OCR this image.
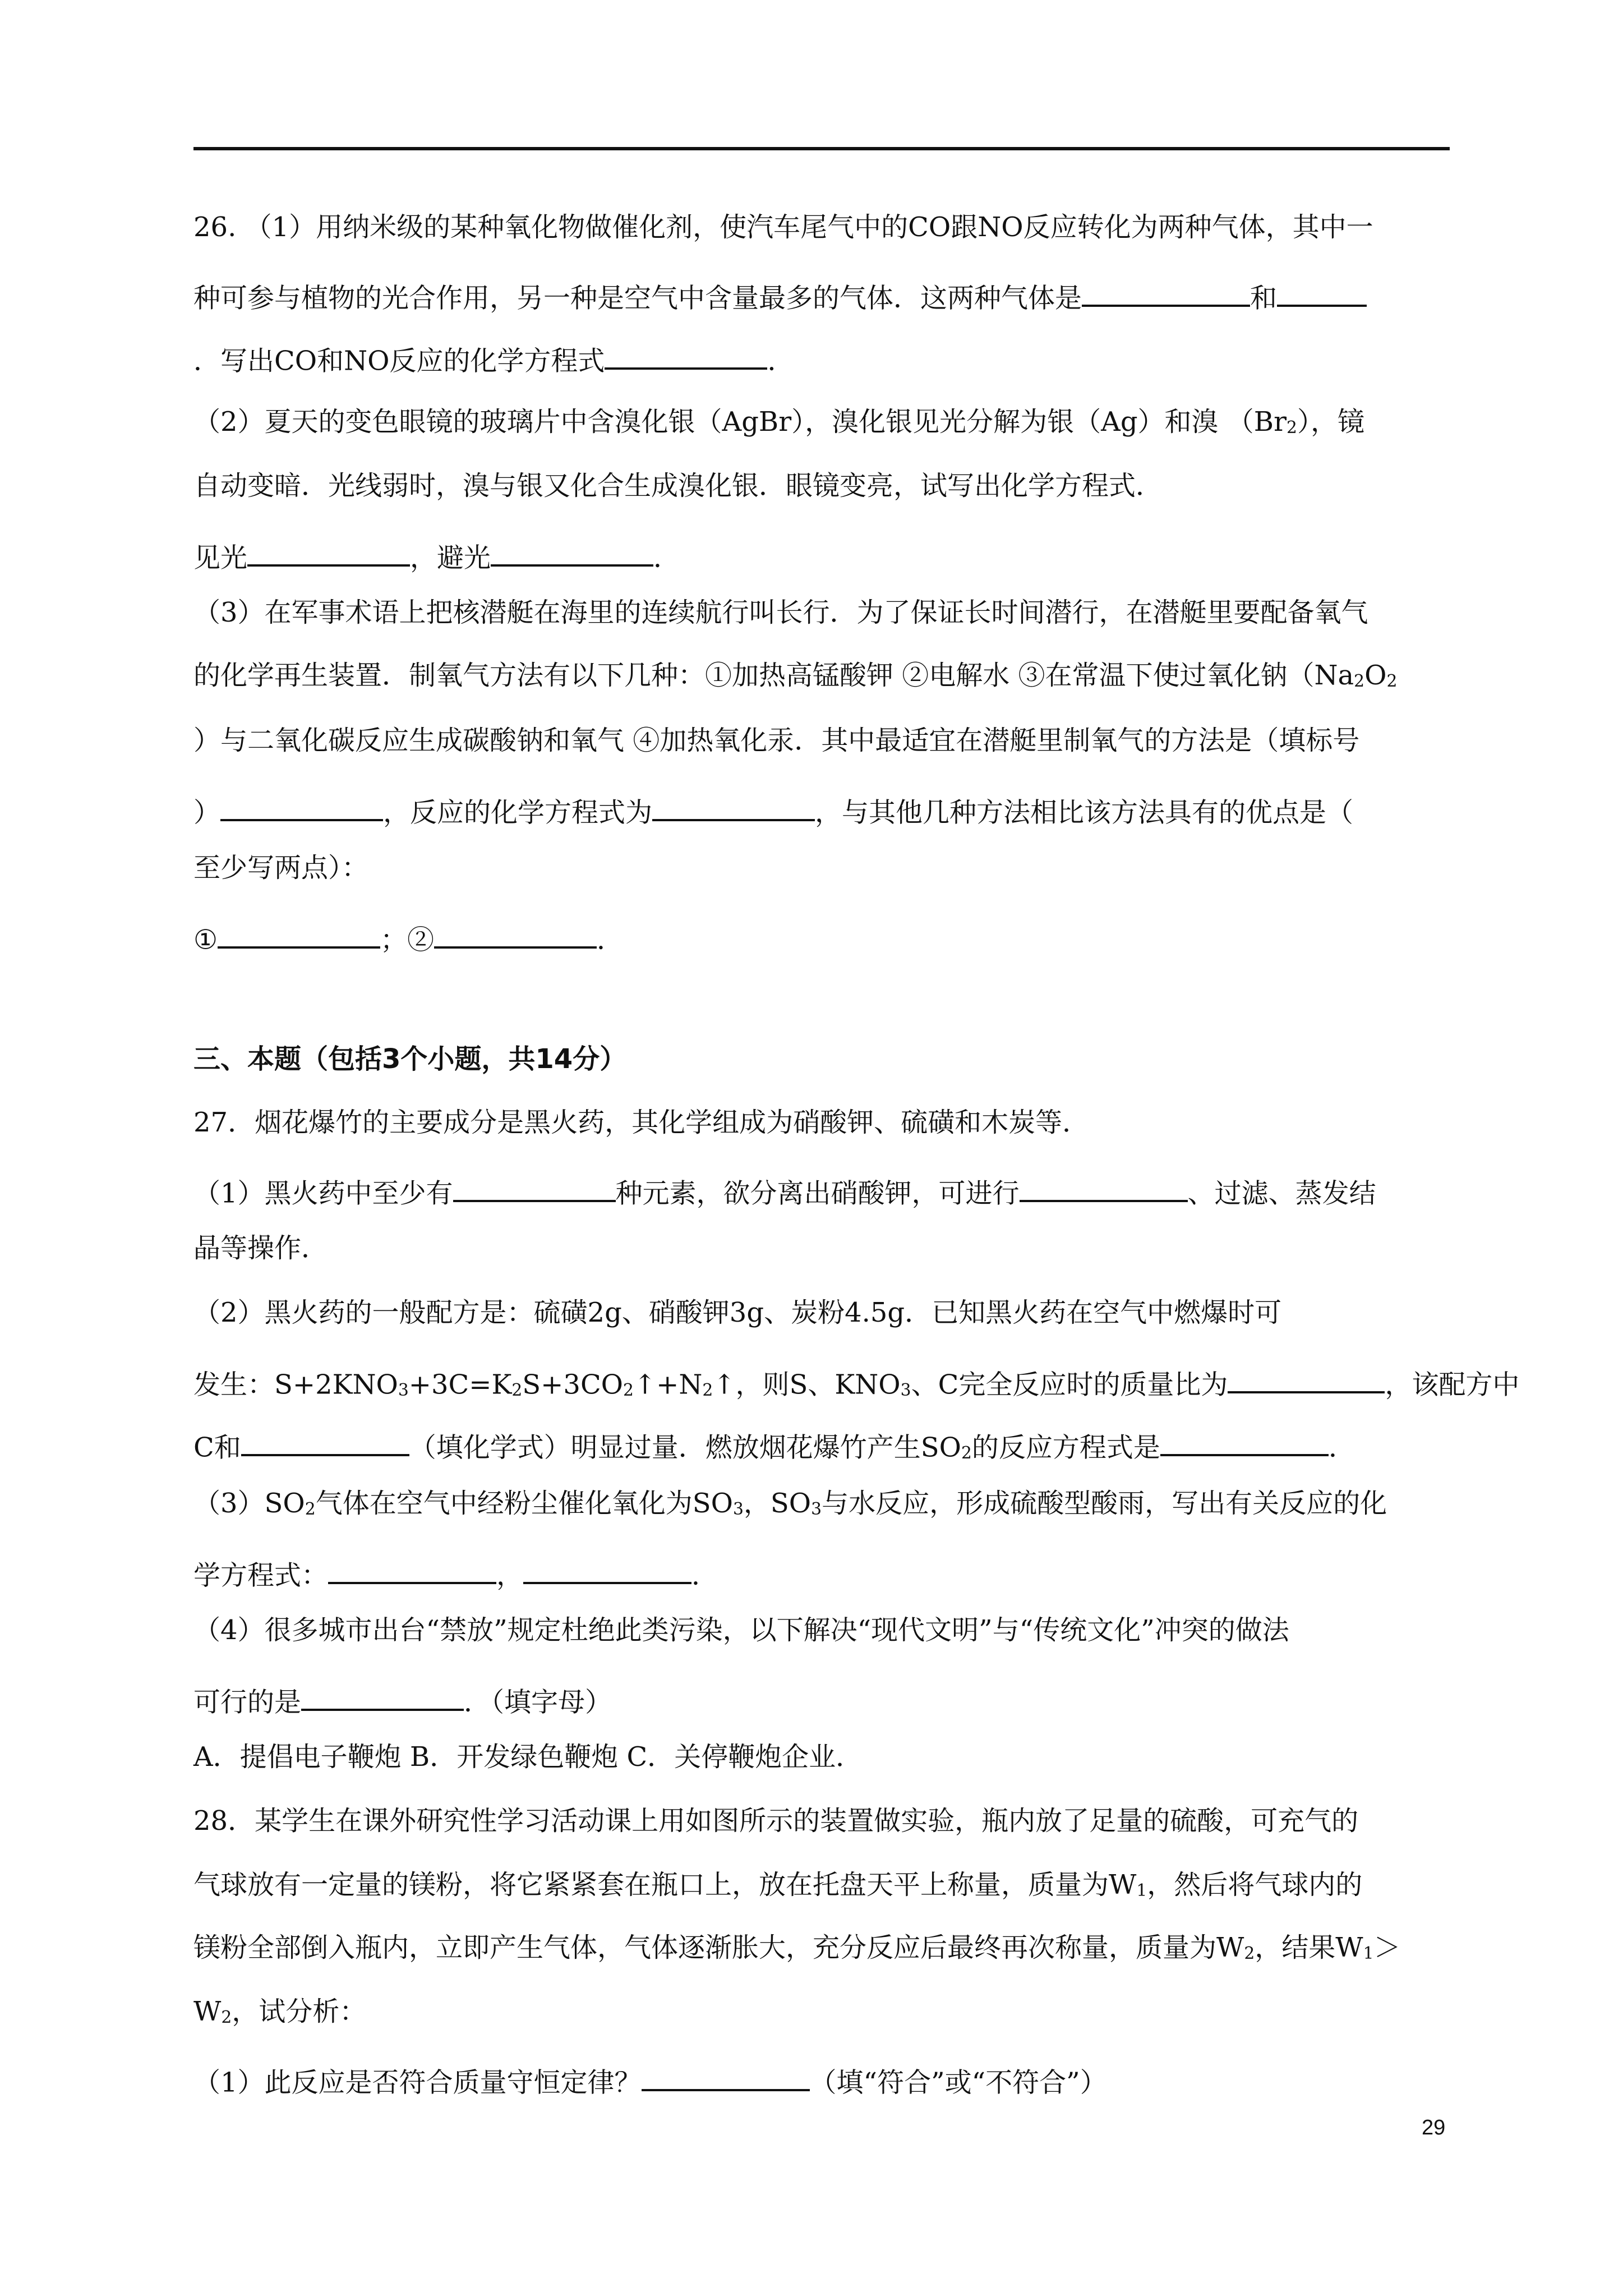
26. （1）用纳米级的某种氧化物做催化剂，使汽车尾气中的CO跟NO反应转化为两种气体，其中一
种可参与植物的光合作用，另一种是空气中含量最多的气体．这两种气体是	和
．写出CO和NO反应的化学方程式	．
（2）夏天的变色眼镜的玻璃片中含溴化银（AgBr），溴化银见光分解为银（Ag）和溴 $(Br_2)$，镜
自动变暗．光线弱时，溴与银又化合生成溴化银．眼镜变亮，试写出化学方程式．
见光	，避光	．
（3）在军事术语上把核潜艇在海里的连续航行叫长行．为了保证长时间潜行，在潜艇里要配备氧气
的化学再生装置．制氧气方法有以下几种：①加热高锰酸钾 ②电解水 ③在常温下使过氧化钠（$Na_2O_2$
）与二氧化碳反应生成碳酸钠和氧气 ④加热氧化汞．其中最适宜在潜艇里制氧气的方法是（填标号
）	，反应的化学方程式为	，与其他几种方法相比该方法具有的优点是（
至少写两点）：
①	；②	．
三、本题（包括3个小题，共14分）
27．烟花爆竹的主要成分是黑火药，其化学组成为硝酸钾、硫磺和木炭等．
（1）黑火药中至少有	种元素，欲分离出硝酸钾，可进行	、过滤、蒸发结
晶等操作．
（2）黑火药的一般配方是：硫磺2g、硝酸钾3g、炭粉4.5g．已知黑火药在空气中燃爆时可
发生：$S+2KNO_3+3C=K_2S+3CO_2↑+N_2↑$，则S、$KNO_3$、C完全反应时的质量比为	，该配方中
C和	（填化学式）明显过量．燃放烟花爆竹产生$SO_2$的反应方程式是	．
$(3)SO_2$气体在空气中经粉尘催化氧化为$SO_3$，$SO_3$与水反应，形成硫酸型酸雨，写出有关反应的化
学方程式：	，	．
（4）很多城市出台“禁放”规定杜绝此类污染，以下解决“现代文明”与“传统文化”冲突的做法
可行的是	．（填字母）
A．提倡电子鞭炮 B．开发绿色鞭炮 C．关停鞭炮企业．
28．某学生在课外研究性学习活动课上用如图所示的装置做实验，瓶内放了足量的硫酸，可充气的
气球放有一定量的镁粉，将它紧紧套在瓶口上，放在托盘天平上称量，质量为$W_1$，然后将气球内的
镁粉全部倒入瓶内，立即产生气体，气体逐渐胀大，充分反应后最终再次称量，质量为$W_2$，结果$W_1>$
$W_2$，试分析：
（1）此反应是否符合质量守恒定律？	（填“符合”或“不符合”）
29
